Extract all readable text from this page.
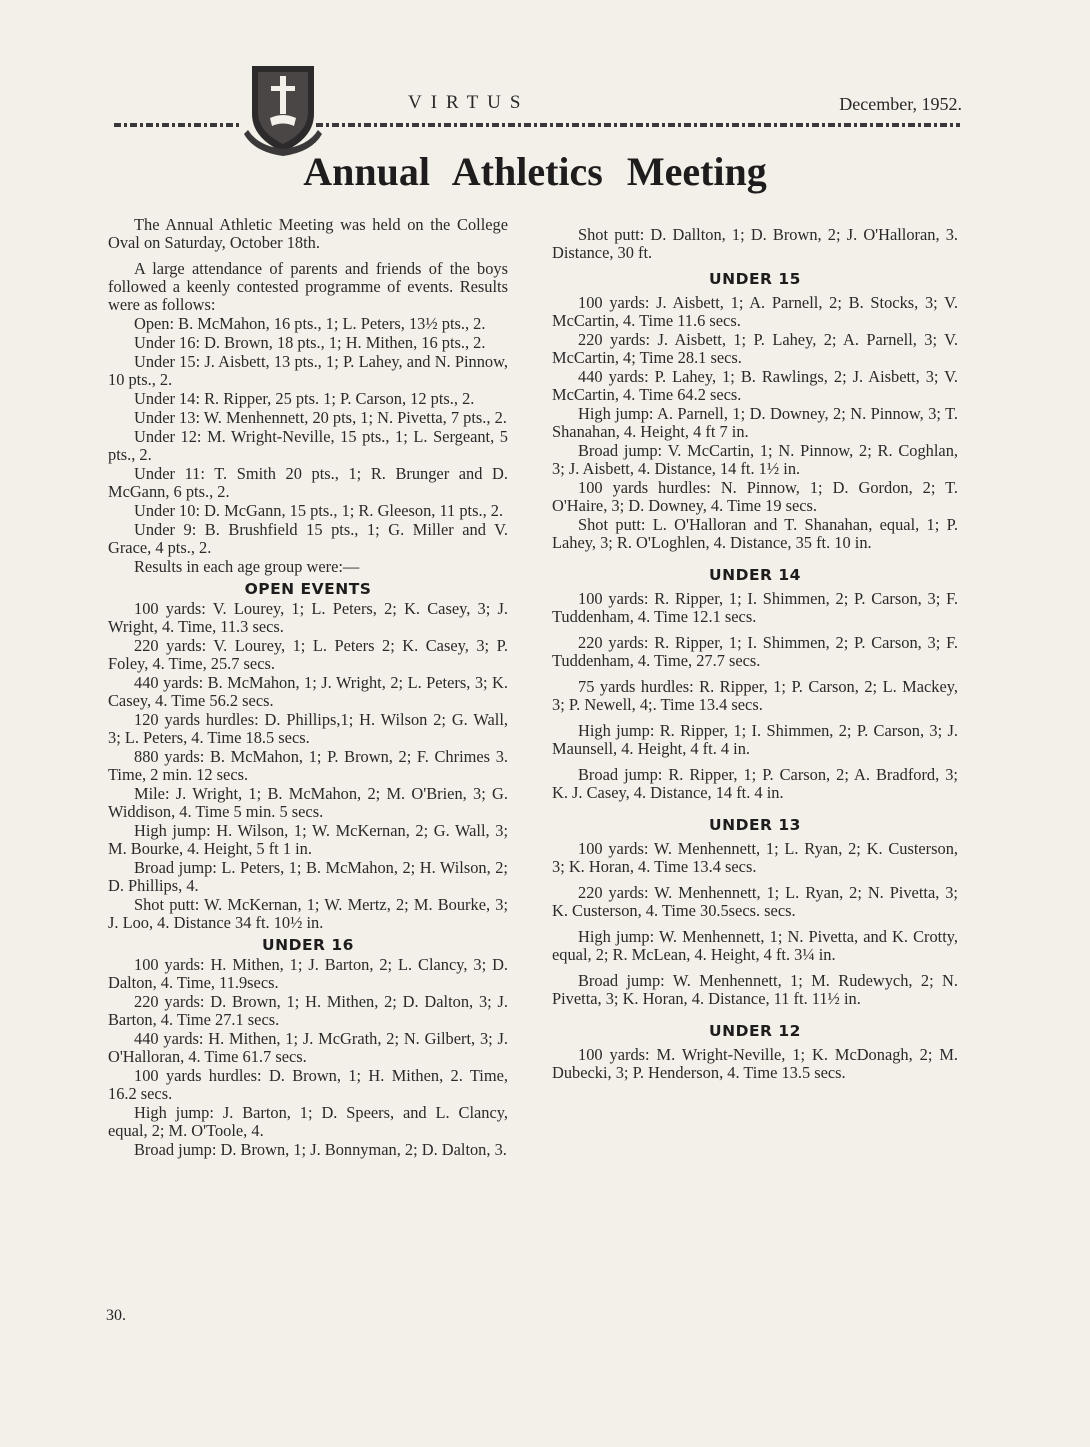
VIRTUS	December, 1952.
Annual Athletics Meeting

The Annual Athletic Meeting was held on the College Oval on Saturday, October 18th.

A large attendance of parents and friends of the boys followed a keenly contested programme of events. Results were as follows:

Open: B. McMahon, 16 pts., 1; L. Peters, 13½ pts., 2.

Under 16: D. Brown, 18 pts., 1; H. Mithen, 16 pts., 2.

Under 15: J. Aisbett, 13 pts., 1; P. Lahey, and N. Pinnow, 10 pts., 2.

Under 14: R. Ripper, 25 pts. 1; P. Carson, 12 pts., 2.

Under 13: W. Menhennett, 20 pts, 1; N. Pivetta, 7 pts., 2.

Under 12: M. Wright-Neville, 15 pts., 1; L. Sergeant, 5 pts., 2.

Under 11: T. Smith 20 pts., 1; R. Brunger and D. McGann, 6 pts., 2.

Under 10: D. McGann, 15 pts., 1; R. Gleeson, 11 pts., 2.

Under 9: B. Brushfield 15 pts., 1; G. Miller and V. Grace, 4 pts., 2.

Results in each age group were:—

OPEN EVENTS

100 yards: V. Lourey, 1; L. Peters, 2; K. Casey, 3; J. Wright, 4. Time, 11.3 secs.

220 yards: V. Lourey, 1; L. Peters 2; K. Casey, 3; P. Foley, 4. Time, 25.7 secs.

440 yards: B. McMahon, 1; J. Wright, 2; L. Peters, 3; K. Casey, 4. Time 56.2 secs.

120 yards hurdles: D. Phillips,1; H. Wilson 2; G. Wall, 3; L. Peters, 4. Time 18.5 secs.

880 yards: B. McMahon, 1; P. Brown, 2; F. Chrimes 3. Time, 2 min. 12 secs.

Mile: J. Wright, 1; B. McMahon, 2; M. O'Brien, 3; G. Widdison, 4. Time 5 min. 5 secs.

High jump: H. Wilson, 1; W. McKernan, 2; G. Wall, 3; M. Bourke, 4. Height, 5 ft 1 in.

Broad jump: L. Peters, 1; B. McMahon, 2; H. Wilson, 2; D. Phillips, 4.

Shot putt: W. McKernan, 1; W. Mertz, 2; M. Bourke, 3; J. Loo, 4. Distance 34 ft. 10½ in.

UNDER 16

100 yards: H. Mithen, 1; J. Barton, 2; L. Clancy, 3; D. Dalton, 4. Time, 11.9secs.

220 yards: D. Brown, 1; H. Mithen, 2; D. Dalton, 3; J. Barton, 4. Time 27.1 secs.

440 yards: H. Mithen, 1; J. McGrath, 2; N. Gilbert, 3; J. O'Halloran, 4. Time 61.7 secs.

100 yards hurdles: D. Brown, 1; H. Mithen, 2. Time, 16.2 secs.

High jump: J. Barton, 1; D. Speers, and L. Clancy, equal, 2; M. O'Toole, 4.

Broad jump: D. Brown, 1; J. Bonnyman, 2; D. Dalton, 3.

30.

Shot putt: D. Dallton, 1; D. Brown, 2; J. O'Halloran, 3. Distance, 30 ft.

UNDER 15

100 yards: J. Aisbett, 1; A. Parnell, 2; B. Stocks, 3; V. McCartin, 4. Time 11.6 secs.

220 yards: J. Aisbett, 1; P. Lahey, 2; A. Parnell, 3; V. McCartin, 4; Time 28.1 secs.

440 yards: P. Lahey, 1; B. Rawlings, 2; J. Aisbett, 3; V. McCartin, 4. Time 64.2 secs.

High jump: A. Parnell, 1; D. Downey, 2; N. Pinnow, 3; T. Shanahan, 4. Height, 4 ft 7 in.

Broad jump: V. McCartin, 1; N. Pinnow, 2; R. Coghlan, 3; J. Aisbett, 4. Distance, 14 ft. 1½ in.

100 yards hurdles: N. Pinnow, 1; D. Gordon, 2; T. O'Haire, 3; D. Downey, 4. Time 19 secs.

Shot putt: L. O'Halloran and T. Shanahan, equal, 1; P. Lahey, 3; R. O'Loghlen, 4. Distance, 35 ft. 10 in.

UNDER 14

100 yards: R. Ripper, 1; I. Shimmen, 2; P. Carson, 3; F. Tuddenham, 4. Time 12.1 secs.

220 yards: R. Ripper, 1; I. Shimmen, 2; P. Carson, 3; F. Tuddenham, 4. Time, 27.7 secs.

75 yards hurdles: R. Ripper, 1; P. Carson, 2; L. Mackey, 3; P. Newell, 4;. Time 13.4 secs.

High jump: R. Ripper, 1; I. Shimmen, 2; P. Carson, 3; J. Maunsell, 4. Height, 4 ft. 4 in.

Broad jump: R. Ripper, 1; P. Carson, 2; A. Bradford, 3; K. J. Casey, 4. Distance, 14 ft. 4 in.

UNDER 13

100 yards: W. Menhennett, 1; L. Ryan, 2; K. Custerson, 3; K. Horan, 4. Time 13.4 secs.

220 yards: W. Menhennett, 1; L. Ryan, 2; N. Pivetta, 3; K. Custerson, 4. Time 30.5secs. secs.

High jump: W. Menhennett, 1; N. Pivetta, and K. Crotty, equal, 2; R. McLean, 4. Height, 4 ft. 3¼ in.

Broad jump: W. Menhennett, 1; M. Rudewych, 2; N. Pivetta, 3; K. Horan, 4. Distance, 11 ft. 11½ in.

UNDER 12

100 yards: M. Wright-Neville, 1; K. McDonagh, 2; M. Dubecki, 3; P. Henderson, 4. Time 13.5 secs.
